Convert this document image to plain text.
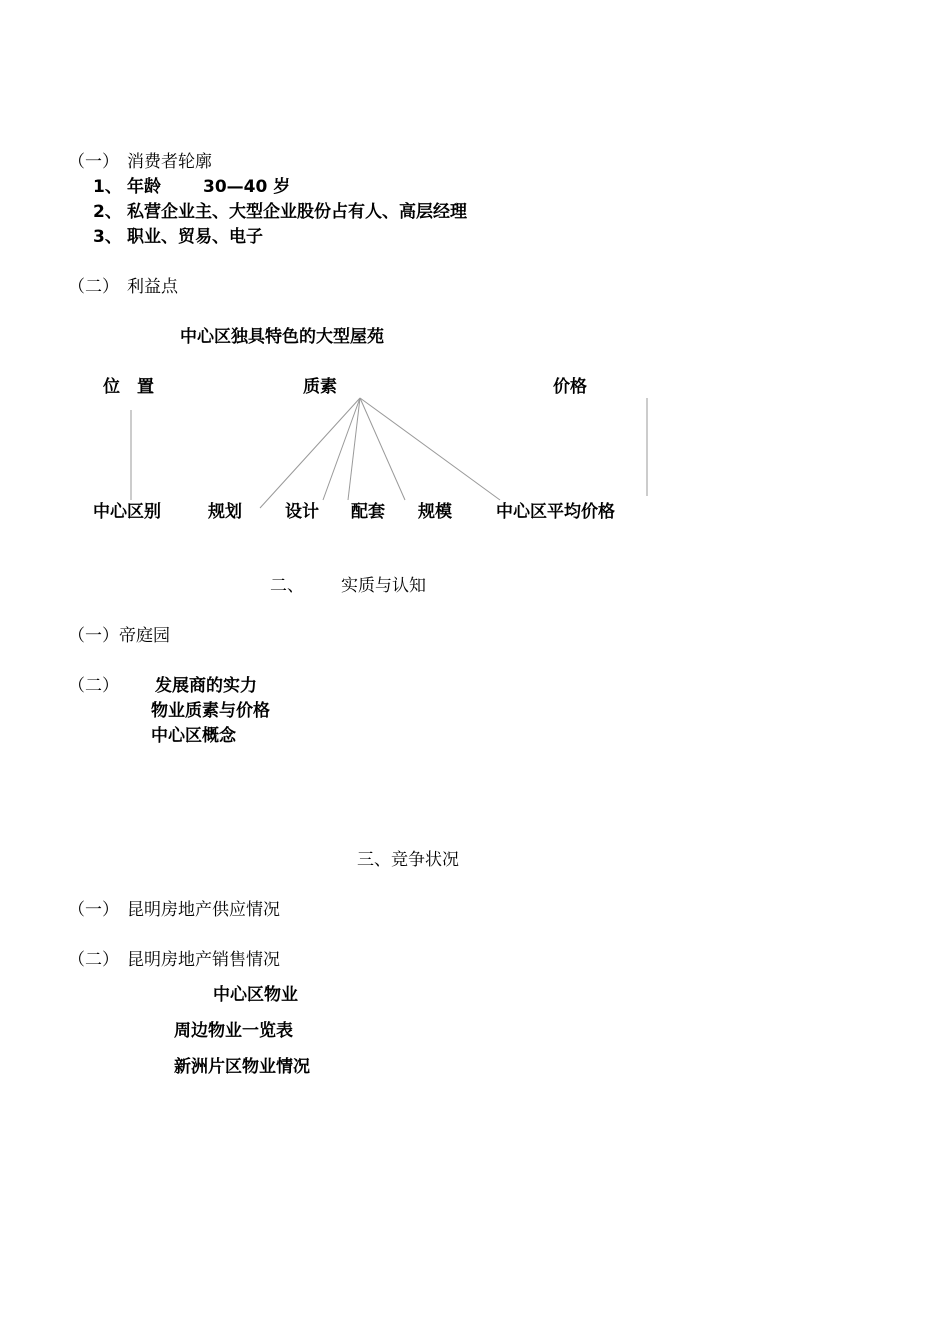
（一） 消费者轮廓
1、 年龄 30—40 岁
2、 私营企业主、大型企业股份占有人、高层经理
3、 职业、贸易、电子
（二） 利益点
中心区独具特色的大型屋苑
位　置	质素	价格
中心区别	规划	设计 配套 规模	中心区平均价格
二、 实质与认知
（一）帝庭园
（二） 发展商的实力
物业质素与价格
中心区概念
三、竞争状况
（一） 昆明房地产供应情况
（二） 昆明房地产销售情况
中心区物业
周边物业一览表
新洲片区物业情况
